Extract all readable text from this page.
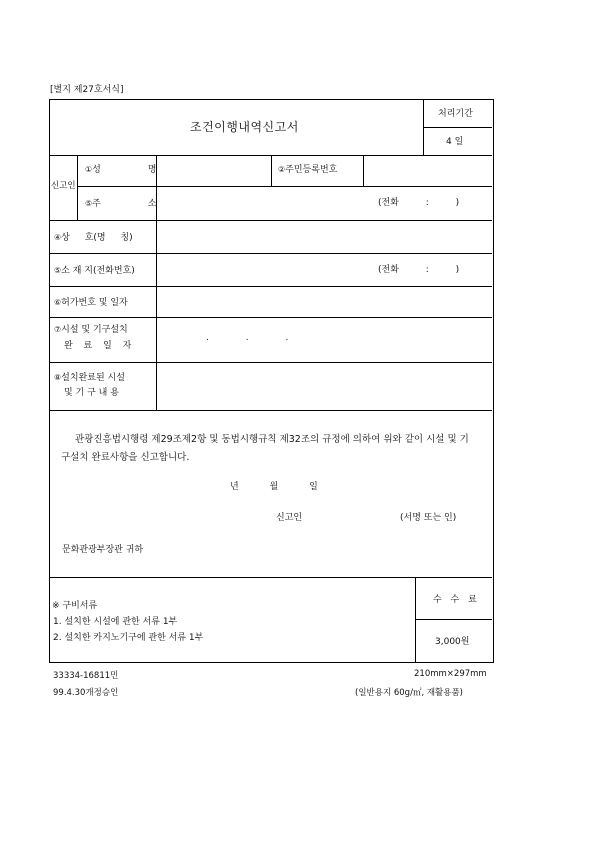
[별지 제27호서식]
조건이행내역신고서
처리기간
4 일
신고인
①성 명	②주민등록번호
⑤주 소	(전화 : )
④상 호(명 칭)
⑤소 재 지(전화번호)	(전화 : )
⑥허가번호 및 일자
⑦시설 및 기구설치
완 료 일 자
. . .
⑧설치완료된 시설
및 기 구 내 용
관광진흥법시행령 제29조제2항 및 동법시행규칙 제32조의 규정에 의하여 위와 같이 시설 및 기구설치 완료사항을 신고합니다.
년 월 일
신고인	(서명 또는 인)
문화관광부장관 귀하
※ 구비서류
1. 설치한 시설에 관한 서류 1부
2. 설치한 카지노기구에 관한 서류 1부
수 수 료
3,000원
33334-16811민
99.4.30개정승인
210mm×297mm
(일반용지 60g/㎡, 재활용품)
